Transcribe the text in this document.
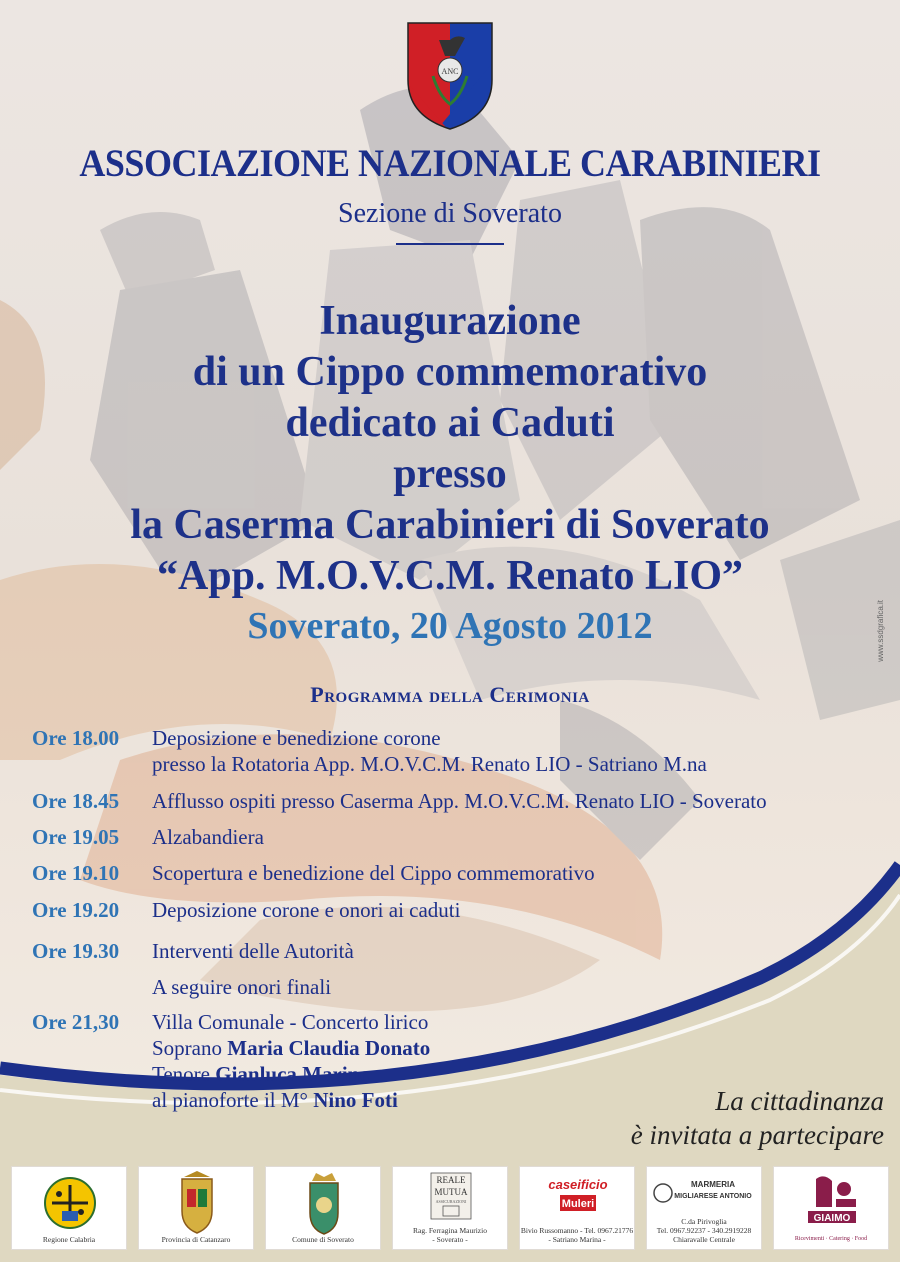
ANC
ASSOCIAZIONE NAZIONALE CARABINIERI
Sezione di Soverato
Inaugurazione
di un Cippo commemorativo
dedicato ai Caduti
presso
la Caserma Carabinieri di Soverato
“App. M.O.V.C.M. Renato LIO”
Soverato, 20 Agosto 2012
Programma della Cerimonia
Ore 18.00 Deposizione e benedizione corone
presso la Rotatoria App. M.O.V.C.M. Renato LIO - Satriano M.na
Ore 18.45 Afflusso ospiti presso Caserma App. M.O.V.C.M. Renato LIO - Soverato
Ore 19.05 Alzabandiera
Ore 19.10 Scopertura e benedizione del Cippo commemorativo
Ore 19.20 Deposizione corone e onori ai caduti
Ore 19.30 Interventi delle Autorità
A seguire onori finali
Ore 21,30 Villa Comunale - Concerto lirico
Soprano Maria Claudia Donato
Tenore Gianluca Marino
al pianoforte il M° Nino Foti	La cittadinanza
è invitata a partecipare
www.ssdgrafica.it
Regione Calabria	Provincia di Catanzaro	Comune di Soverato
REALE
MUTUA
ASSICURAZIONI
Rag. Ferragina Maurizio
- Soverato -
caseificio
Muleri
Bivio Russomanno - Tel. 0967.21776
- Satriano Marina -
MARMERIA
MIGLIARESE ANTONIO
C.da Pirivoglia
Tel. 0967.92237 - 340.2919228
Chiaravalle Centrale
GIAIMO
Ricevimenti · Catering · Food
